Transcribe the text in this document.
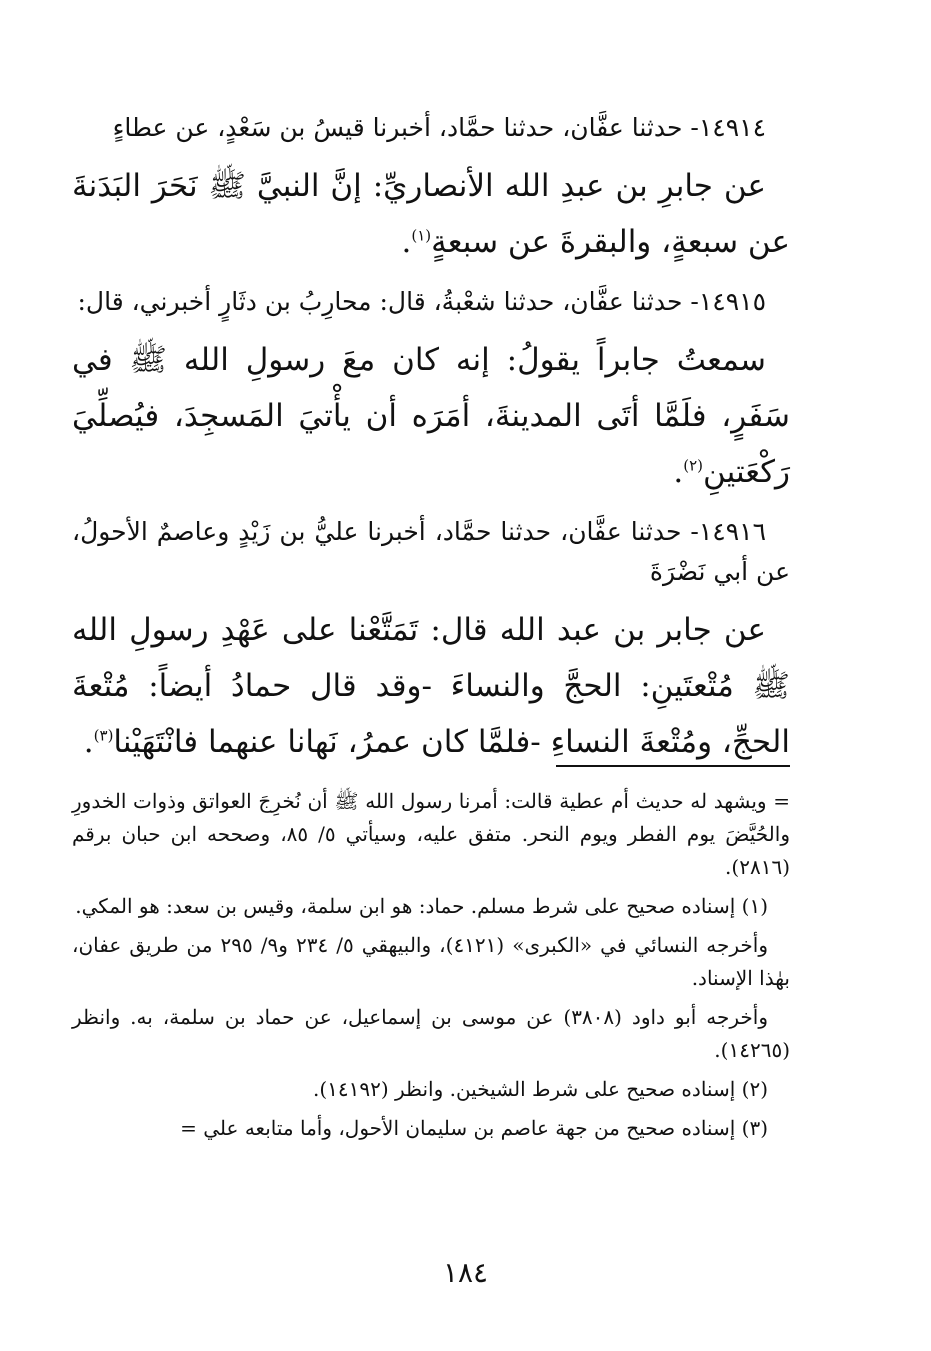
١٤٩١٤- حدثنا عفَّان، حدثنا حمَّاد، أخبرنا قيسُ بن سَعْدٍ، عن عطاءٍ

عن جابرِ بن عبدِ الله الأنصاريِّ: إنَّ النبيَّ ﷺ نَحَرَ البَدَنةَ عن سبعةٍ، والبقرةَ عن سبعةٍ$^{(١)}$.

١٤٩١٥- حدثنا عفَّان، حدثنا شعْبةُ، قال: محارِبُ بن دثَارٍ أخبرني، قال:

سمعتُ جابراً يقولُ: إنه كان معَ رسولِ الله ﷺ في سَفَرٍ، فلَمَّا أتَى المدينةَ، أمَرَه أن يأْتيَ المَسجِدَ، فيُصلِّيَ رَكْعَتينِ$^{(٢)}$.

١٤٩١٦- حدثنا عفَّان، حدثنا حمَّاد، أخبرنا عليُّ بن زَيْدٍ وعاصمٌ الأحولُ، عن أبي نَضْرَةَ

عن جابر بن عبد الله قال: تَمَتَّعْنا على عَهْدِ رسولِ الله ﷺ مُتْعتَينِ: الحجَّ والنساءَ -وقد قال حمادُ أيضاً: مُتْعةَ الحجِّ، ومُتْعةَ النساءِ -فلمَّا كان عمرُ، نَهانا عنهما فانْتَهَيْنا$^{(٣)}$.

= ويشهد له حديث أم عطية قالت: أمرنا رسول الله ﷺ أن نُخرِجَ العواتق وذوات الخدورِ والحُيَّضَ يوم الفطر ويوم النحر. متفق عليه، وسيأتي ٥/ ٨٥، وصححه ابن حبان برقم (٢٨١٦).

(١) إسناده صحيح على شرط مسلم. حماد: هو ابن سلمة، وقيس بن سعد: هو المكي.

وأخرجه النسائي في «الكبرى» (٤١٢١)، والبيهقي ٥/ ٢٣٤ و٩/ ٢٩٥ من طريق عفان، بهٰذا الإسناد.

وأخرجه أبو داود (٣٨٠٨) عن موسى بن إسماعيل، عن حماد بن سلمة، به. وانظر (١٤٢٦٥).

(٢) إسناده صحيح على شرط الشيخين. وانظر (١٤١٩٢).

(٣) إسناده صحيح من جهة عاصم بن سليمان الأحول، وأما متابعه علي =

١٨٤
